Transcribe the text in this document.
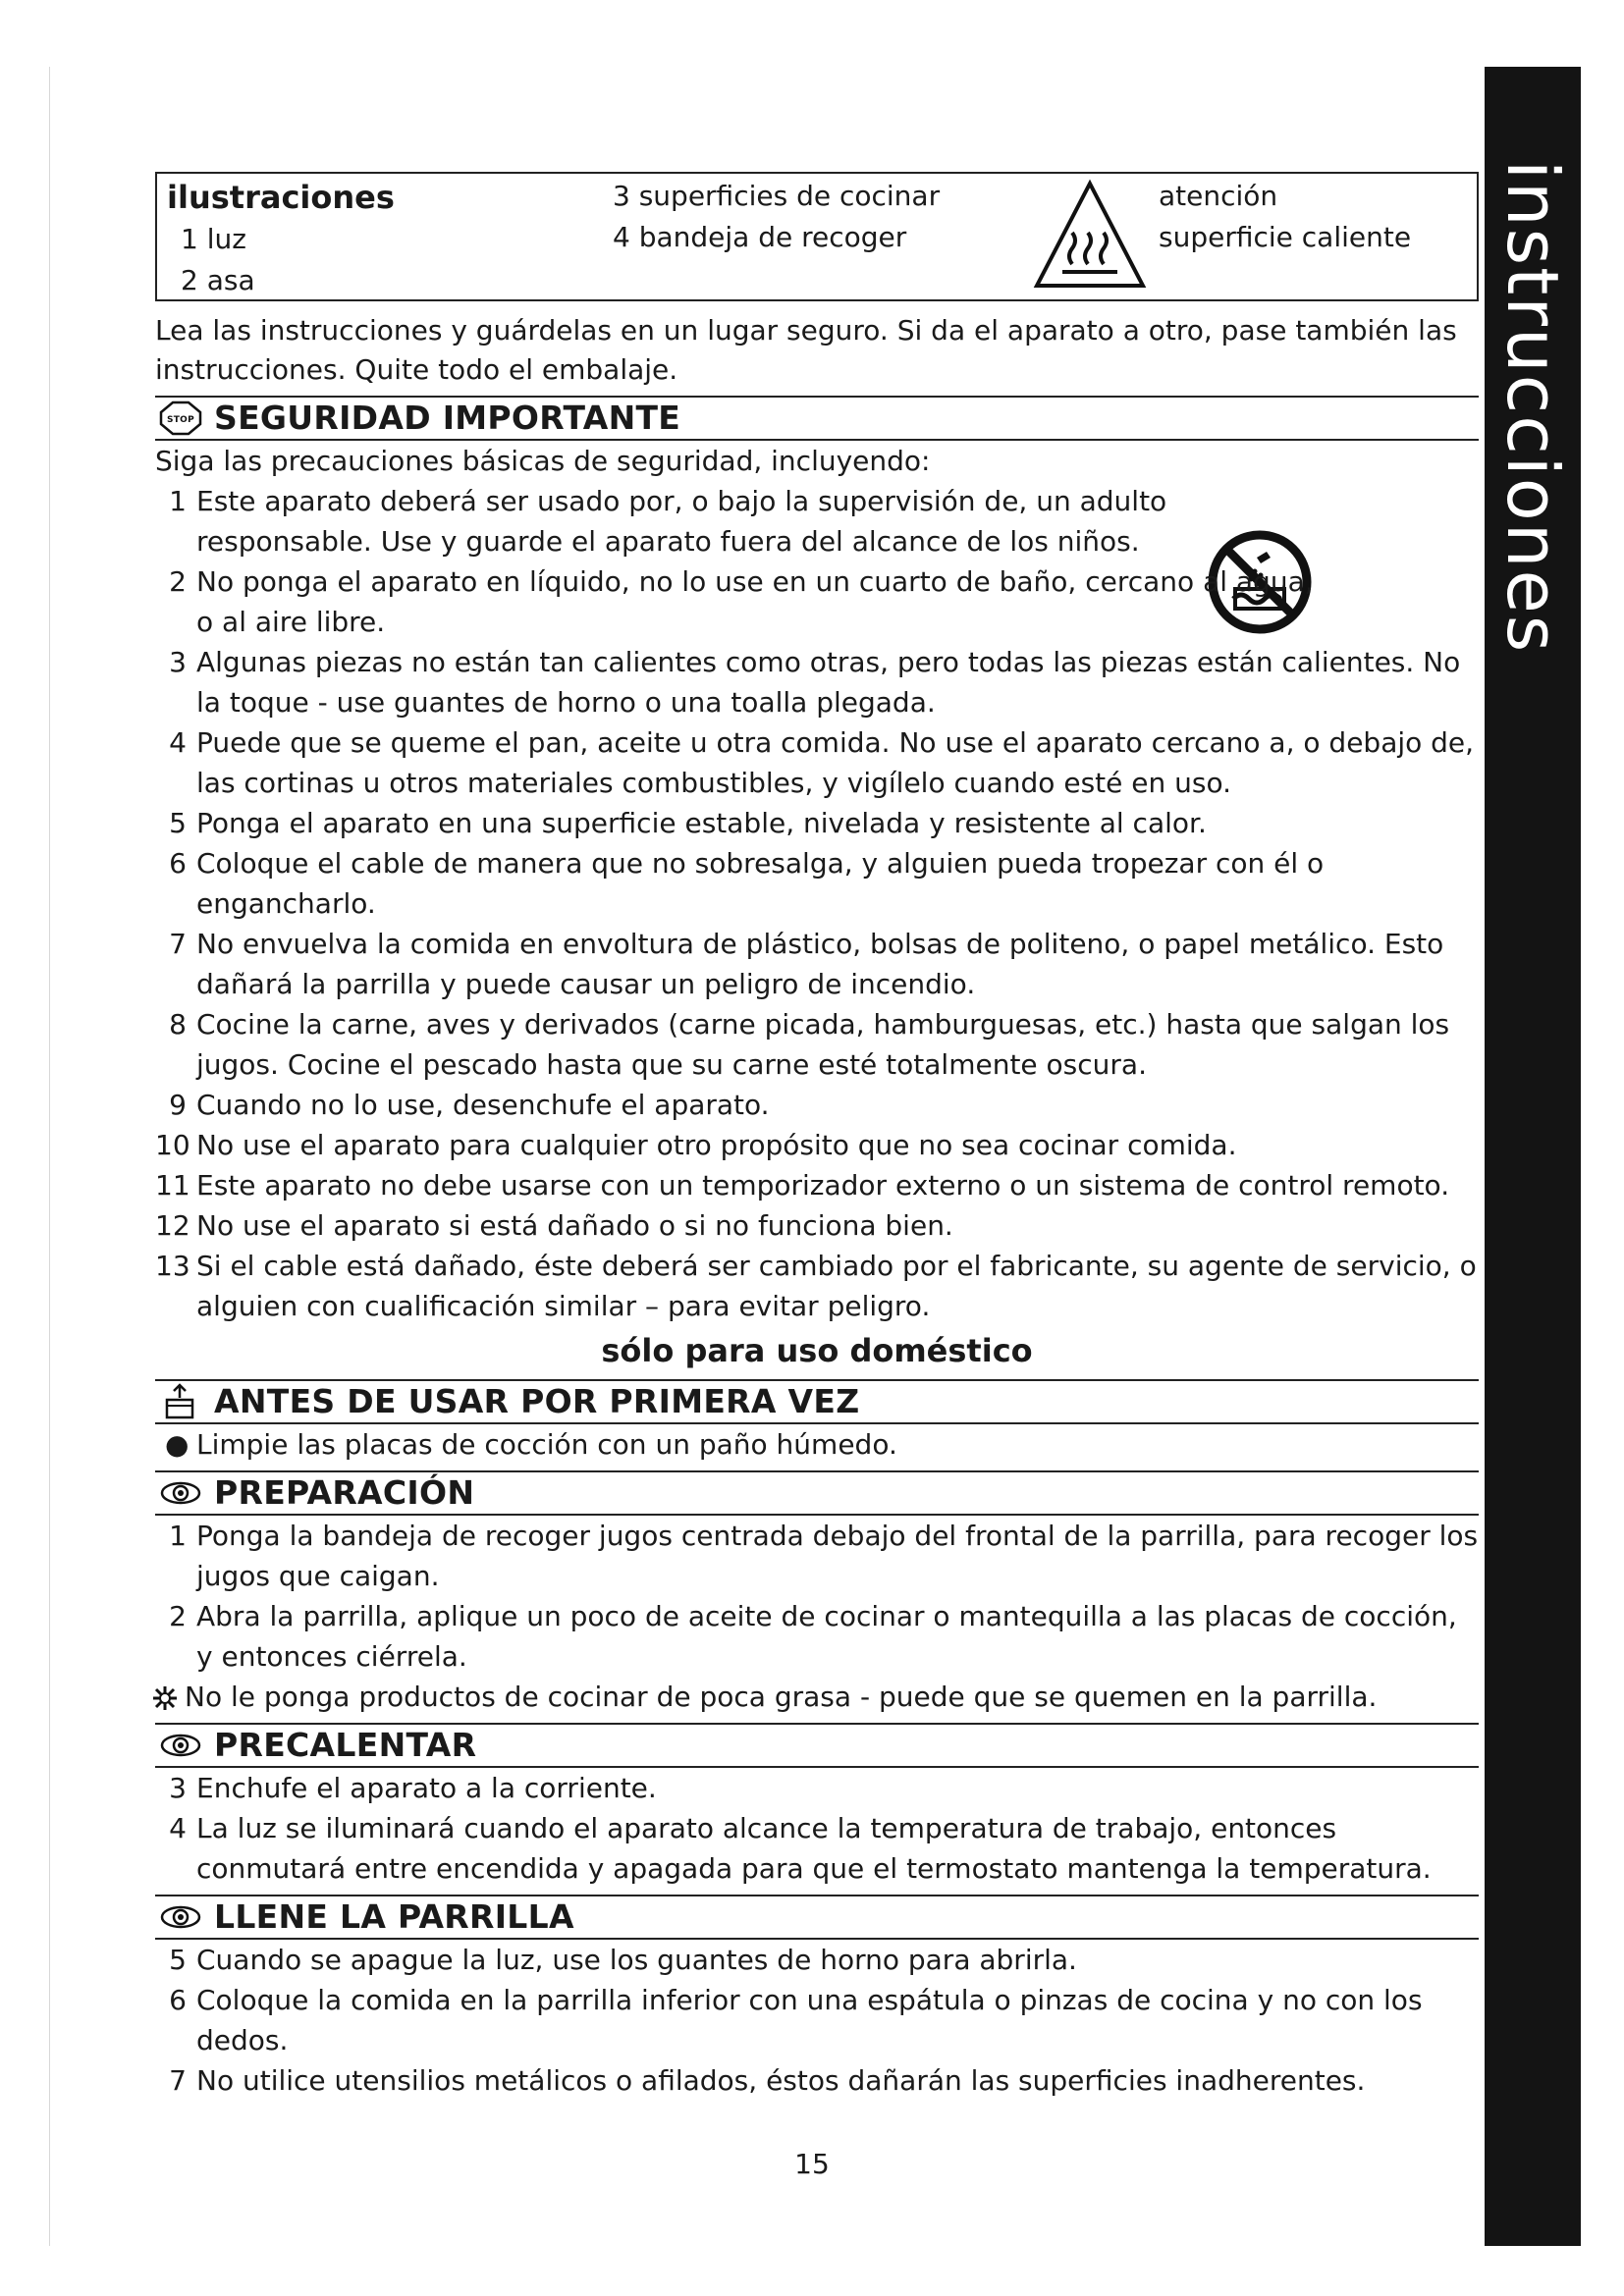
instrucciones
ilustraciones
1 luz
2 asa
3 superficies de cocinar
4 bandeja de recoger
atención
superficie caliente
Lea las instrucciones y guárdelas en un lugar seguro. Si da el aparato a otro, pase también las instrucciones. Quite todo el embalaje.
STOP SEGURIDAD IMPORTANTE
Siga las precauciones básicas de seguridad, incluyendo:
1 Este aparato deberá ser usado por, o bajo la supervisión de, un adulto responsable. Use y guarde el aparato fuera del alcance de los niños.
2 No ponga el aparato en líquido, no lo use en un cuarto de baño, cercano al agua, o al aire libre.
3 Algunas piezas no están tan calientes como otras, pero todas las piezas están calientes. No la toque - use guantes de horno o una toalla plegada.
4 Puede que se queme el pan, aceite u otra comida. No use el aparato cercano a, o debajo de, las cortinas u otros materiales combustibles, y vigílelo cuando esté en uso.
5 Ponga el aparato en una superficie estable, nivelada y resistente al calor.
6 Coloque el cable de manera que no sobresalga, y alguien pueda tropezar con él o engancharlo.
7 No envuelva la comida en envoltura de plástico, bolsas de politeno, o papel metálico. Esto dañará la parrilla y puede causar un peligro de incendio.
8 Cocine la carne, aves y derivados (carne picada, hamburguesas, etc.) hasta que salgan los jugos. Cocine el pescado hasta que su carne esté totalmente oscura.
9 Cuando no lo use, desenchufe el aparato.
10 No use el aparato para cualquier otro propósito que no sea cocinar comida.
11 Este aparato no debe usarse con un temporizador externo o un sistema de control remoto.
12 No use el aparato si está dañado o si no funciona bien.
13 Si el cable está dañado, éste deberá ser cambiado por el fabricante, su agente de servicio, o alguien con cualificación similar – para evitar peligro.
sólo para uso doméstico
ANTES DE USAR POR PRIMERA VEZ
● Limpie las placas de cocción con un paño húmedo.
PREPARACIÓN
1 Ponga la bandeja de recoger jugos centrada debajo del frontal de la parrilla, para recoger los jugos que caigan.
2 Abra la parrilla, aplique un poco de aceite de cocinar o mantequilla a las placas de cocción, y entonces ciérrela.
No le ponga productos de cocinar de poca grasa - puede que se quemen en la parrilla.
PRECALENTAR
3 Enchufe el aparato a la corriente.
4 La luz se iluminará cuando el aparato alcance la temperatura de trabajo, entonces conmutará entre encendida y apagada para que el termostato mantenga la temperatura.
LLENE LA PARRILLA
5 Cuando se apague la luz, use los guantes de horno para abrirla.
6 Coloque la comida en la parrilla inferior con una espátula o pinzas de cocina y no con los dedos.
7 No utilice utensilios metálicos o afilados, éstos dañarán las superficies inadherentes.
15
